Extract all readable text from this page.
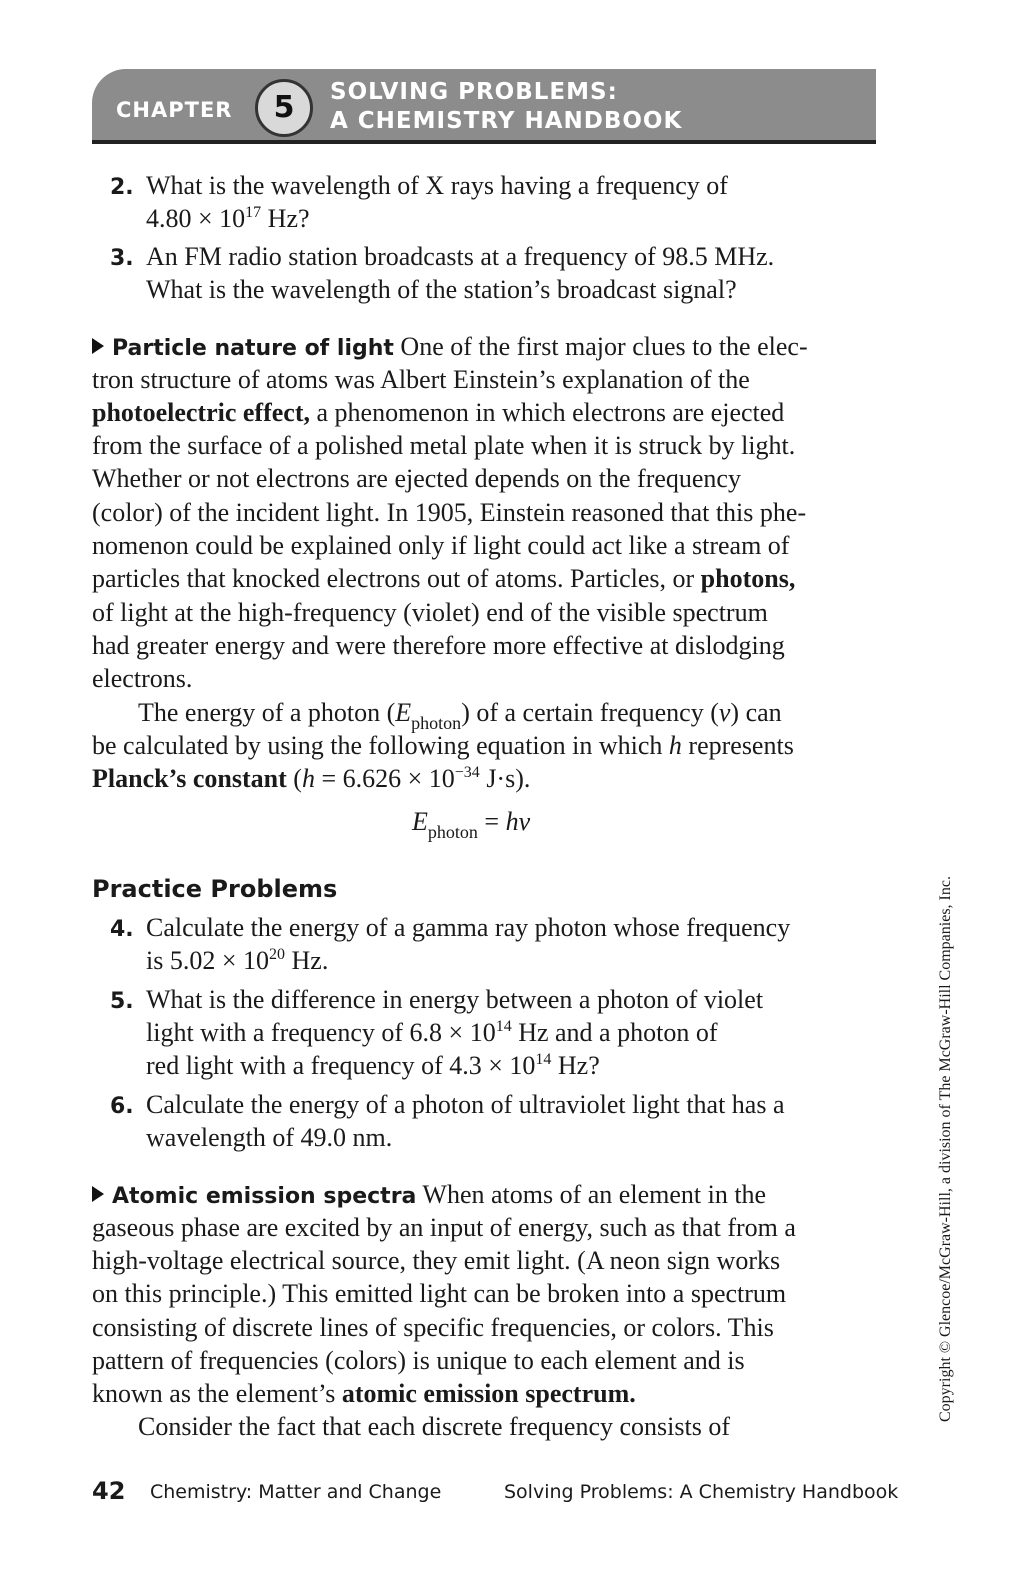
CHAPTER	5	SOLVING PROBLEMS:
A CHEMISTRY HANDBOOK
2. What is the wavelength of X rays having a frequency of
$4.80 \times 10^{17}$ Hz?
3. An FM radio station broadcasts at a frequency of 98.5 MHz.
What is the wavelength of the station’s broadcast signal?
Particle nature of light One of the first major clues to the elec-
tron structure of atoms was Albert Einstein’s explanation of the
photoelectric effect, a phenomenon in which electrons are ejected
from the surface of a polished metal plate when it is struck by light.
Whether or not electrons are ejected depends on the frequency
(color) of the incident light. In 1905, Einstein reasoned that this phe-
nomenon could be explained only if light could act like a stream of
particles that knocked electrons out of atoms. Particles, or photons,
of light at the high-frequency (violet) end of the visible spectrum
had greater energy and were therefore more effective at dislodging
electrons.
The energy of a photon $(E_{photon})$ of a certain frequency (ν) can
be calculated by using the following equation in which h represents
Planck’s constant ($h = 6.626 \times 10^{-34}$ J·s).
$E_{photon} = h\nu$
Practice Problems
4. Calculate the energy of a gamma ray photon whose frequency
is $5.02 \times 10^{20}$ Hz.
5. What is the difference in energy between a photon of violet
light with a frequency of $6.8 \times 10^{14}$ Hz and a photon of
red light with a frequency of $4.3 \times 10^{14}$ Hz?
6. Calculate the energy of a photon of ultraviolet light that has a
wavelength of 49.0 nm.
Atomic emission spectra When atoms of an element in the
gaseous phase are excited by an input of energy, such as that from a
high-voltage electrical source, they emit light. (A neon sign works
on this principle.) This emitted light can be broken into a spectrum
consisting of discrete lines of specific frequencies, or colors. This
pattern of frequencies (colors) is unique to each element and is
known as the element’s atomic emission spectrum.
Consider the fact that each discrete frequency consists of
Copyright © Glencoe/McGraw-Hill, a division of The McGraw-Hill Companies, Inc.
42 Chemistry: Matter and Change	Solving Problems: A Chemistry Handbook
